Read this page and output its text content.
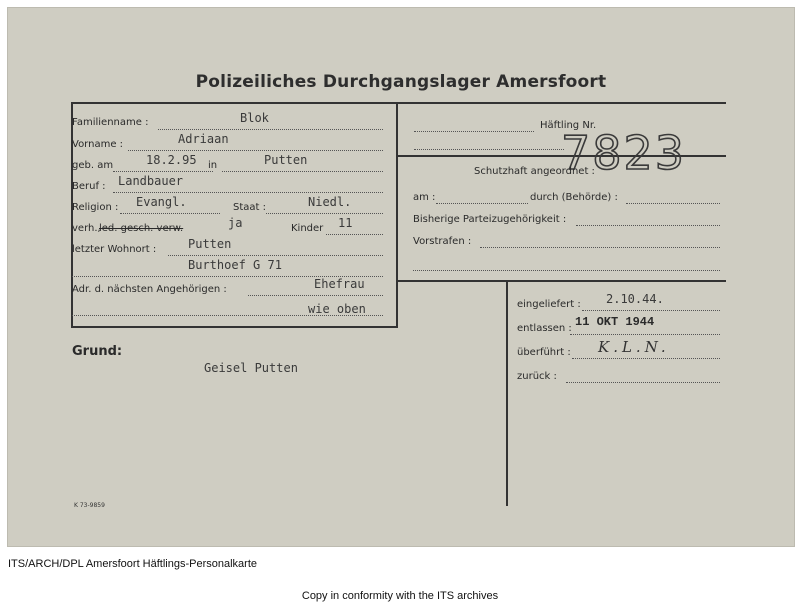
Polizeiliches Durchgangslager Amersfoort
Familienname :	Blok
Vorname :	Adriaan
geb. am	18.2.95 in	Putten
Beruf : Landbauer
Religion : Evangl.	Staat :	Niedl.
verh.,
led. gesch. verw.	ja	Kinder 11
letzter Wohnort :	Putten
Burthoef G 71
Adr. d. nächsten Angehörigen :	Ehefrau
wie oben
Häftling Nr.
7823
Schutzhaft angeordnet :
am :	durch (Behörde) :
Bisherige Parteizugehörigkeit :
Vorstrafen :
Grund:
Geisel Putten
eingeliefert : 2.10.44.
entlassen : 11 OKT 1944
überführt : K.L.N.
zurück :
K 73-9859
ITS/ARCH/DPL Amersfoort Häftlings-Personalkarte
Copy in conformity with the ITS archives
